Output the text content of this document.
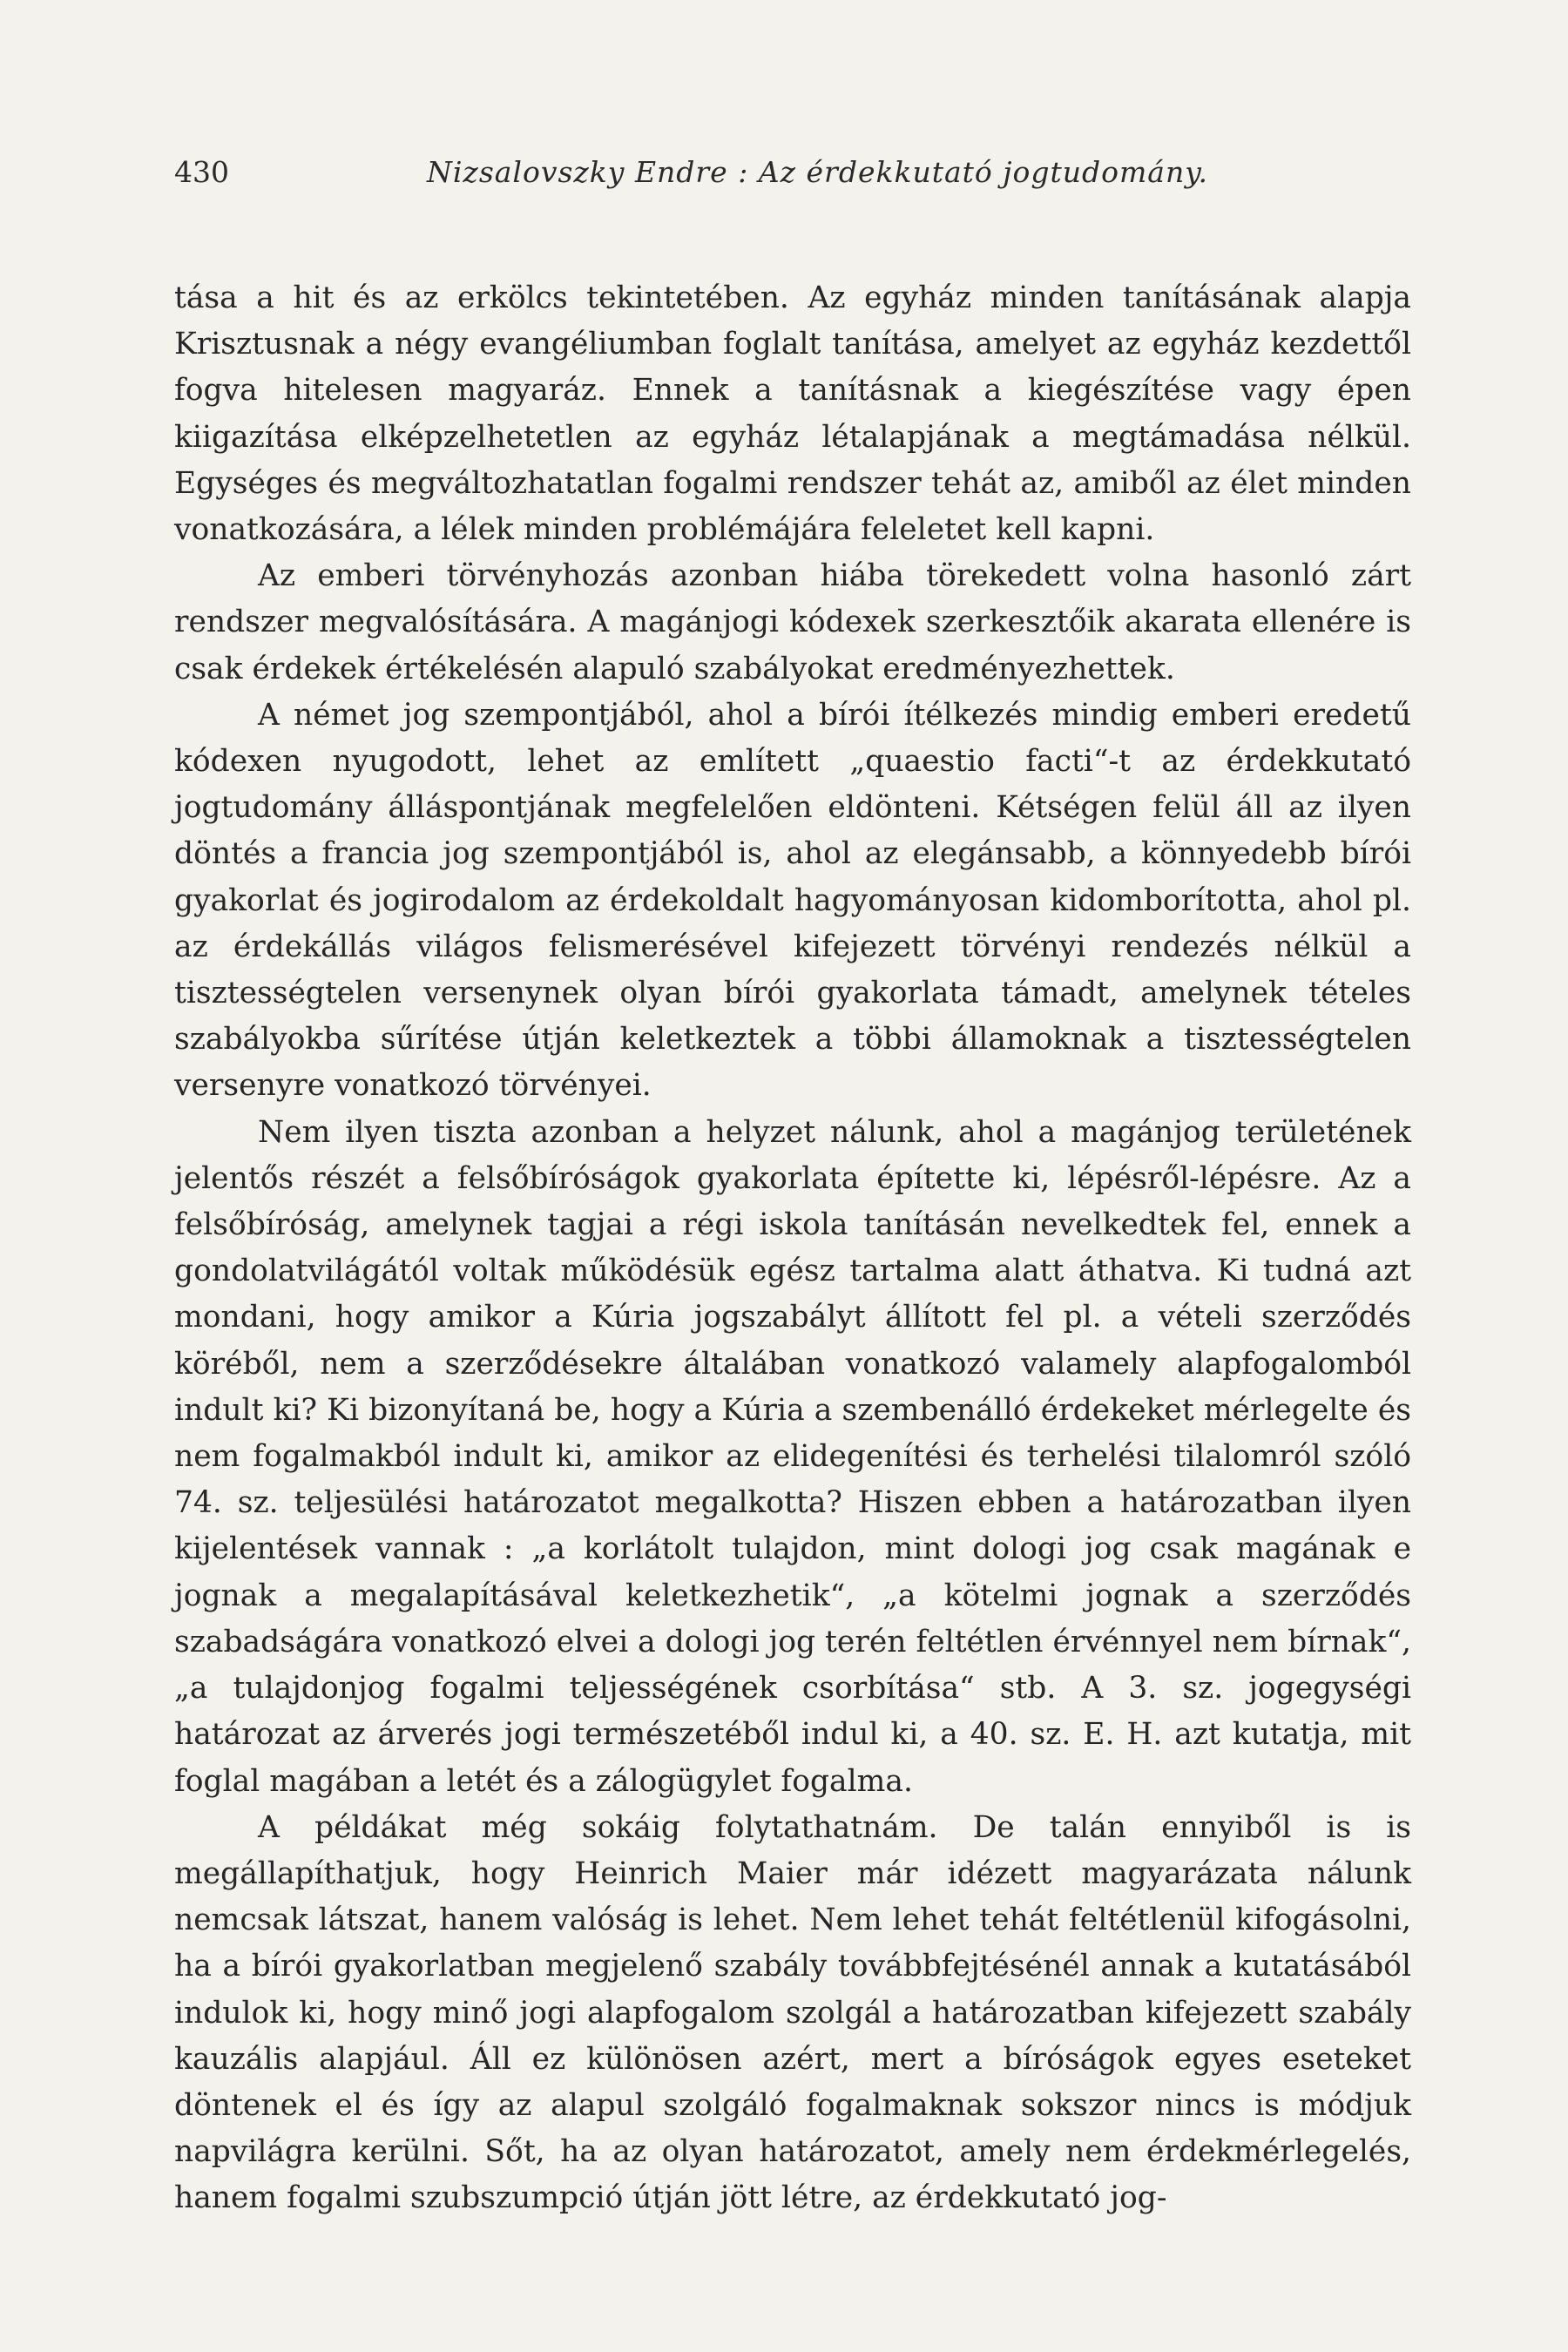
430	Nizsalovszky Endre : Az érdekkutató jogtudomány.

tása a hit és az erkölcs tekintetében. Az egyház minden tanításának alapja Krisztusnak a négy evangéliumban foglalt tanítása, amelyet az egyház kezdettől fogva hitelesen magyaráz. Ennek a tanításnak a kiegészítése vagy épen kiigazítása elképzelhetetlen az egyház létalapjának a megtámadása nélkül. Egységes és megváltozhatatlan fogalmi rendszer tehát az, amiből az élet minden vonatkozására, a lélek minden problémájára feleletet kell kapni.

Az emberi törvényhozás azonban hiába törekedett volna hasonló zárt rendszer megvalósítására. A magánjogi kódexek szerkesztőik akarata ellenére is csak érdekek értékelésén alapuló szabályokat eredményezhettek.

A német jog szempontjából, ahol a bírói ítélkezés mindig emberi eredetű kódexen nyugodott, lehet az említett „quaestio facti“-t az érdekkutató jogtudomány álláspontjának megfelelően eldönteni. Kétségen felül áll az ilyen döntés a francia jog szempontjából is, ahol az elegánsabb, a könnyedebb bírói gyakorlat és jogirodalom az érdekoldalt hagyományosan kidomborította, ahol pl. az érdekállás világos felismerésével kifejezett törvényi rendezés nélkül a tisztességtelen versenynek olyan bírói gyakorlata támadt, amelynek tételes szabályokba sűrítése útján keletkeztek a többi államoknak a tisztességtelen versenyre vonatkozó törvényei.

Nem ilyen tiszta azonban a helyzet nálunk, ahol a magánjog területének jelentős részét a felsőbíróságok gyakorlata építette ki, lépésről-lépésre. Az a felsőbíróság, amelynek tagjai a régi iskola tanításán nevelkedtek fel, ennek a gondolatvilágától voltak működésük egész tartalma alatt áthatva. Ki tudná azt mondani, hogy amikor a Kúria jogszabályt állított fel pl. a vételi szerződés köréből, nem a szerződésekre általában vonatkozó valamely alapfogalomból indult ki? Ki bizonyítaná be, hogy a Kúria a szembenálló érdekeket mérlegelte és nem fogalmakból indult ki, amikor az elidegenítési és terhelési tilalomról szóló 74. sz. teljesülési határozatot megalkotta? Hiszen ebben a határozatban ilyen kijelentések vannak : „a korlátolt tulajdon, mint dologi jog csak magának e jognak a megalapításával keletkezhetik“, „a kötelmi jognak a szerződés szabadságára vonatkozó elvei a dologi jog terén feltétlen érvénnyel nem bírnak“, „a tulajdonjog fogalmi teljességének csorbítása“ stb. A 3. sz. jogegységi határozat az árverés jogi természetéből indul ki, a 40. sz. E. H. azt kutatja, mit foglal magában a letét és a zálogügylet fogalma.

A példákat még sokáig folytathatnám. De talán ennyiből is is megállapíthatjuk, hogy Heinrich Maier már idézett magyarázata nálunk nemcsak látszat, hanem valóság is lehet. Nem lehet tehát feltétlenül kifogásolni, ha a bírói gyakorlatban megjelenő szabály továbbfejtésénél annak a kutatásából indulok ki, hogy minő jogi alapfogalom szolgál a határozatban kifejezett szabály kauzális alapjául. Áll ez különösen azért, mert a bíróságok egyes eseteket döntenek el és így az alapul szolgáló fogalmaknak sokszor nincs is módjuk napvilágra kerülni. Sőt, ha az olyan határozatot, amely nem érdekmérlegelés, hanem fogalmi szubszumpció útján jött létre, az érdekkutató jog-
